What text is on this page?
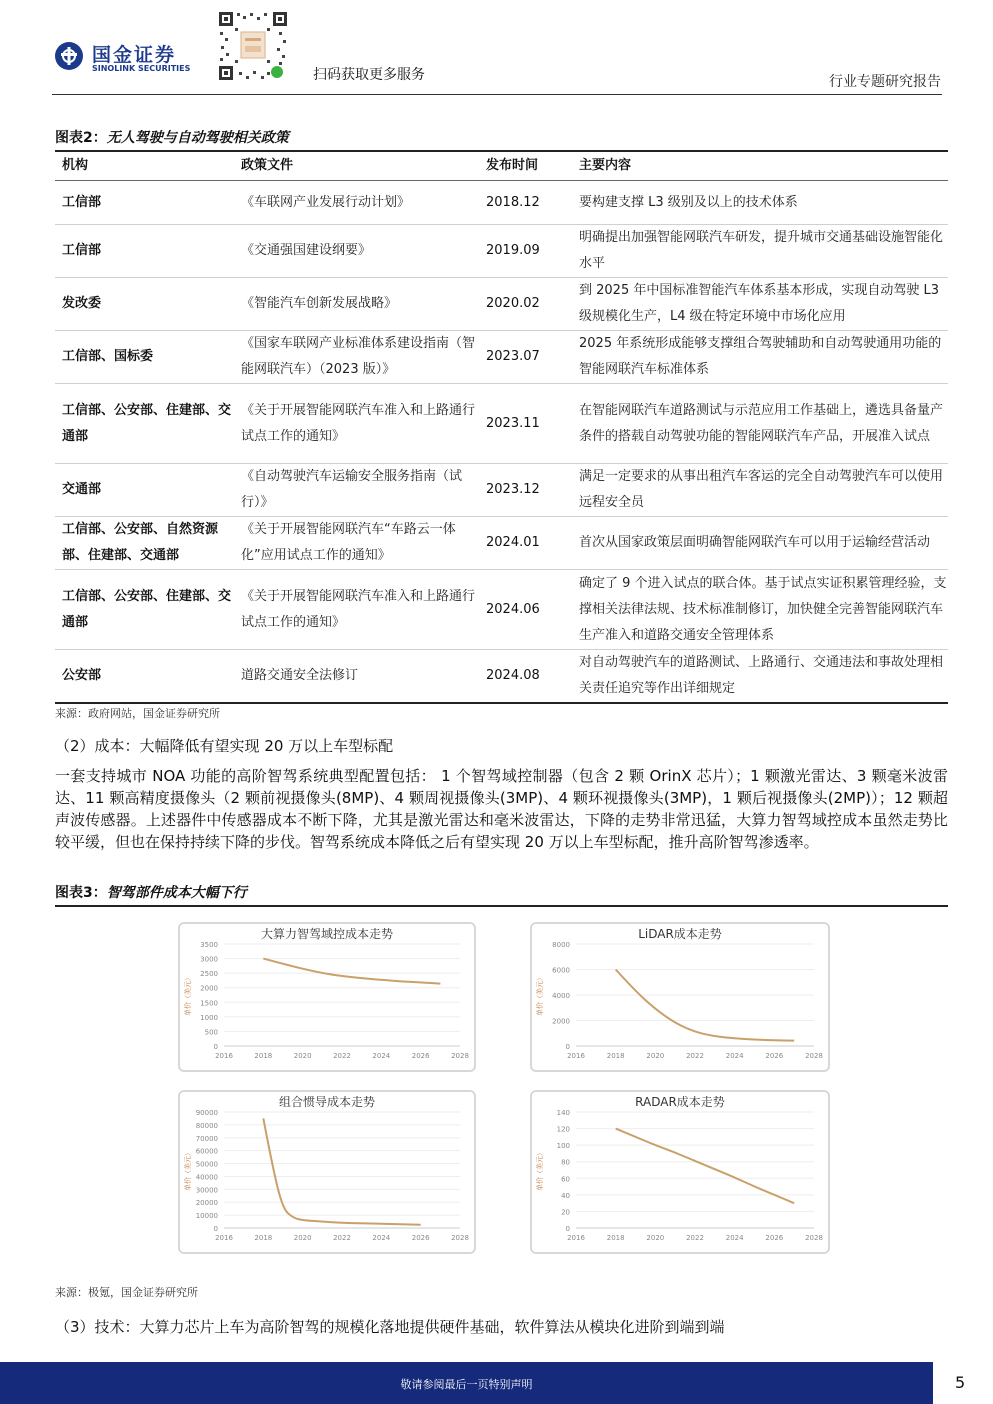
国金证券
SINOLINK SECURITIES	扫码获取更多服务	行业专题研究报告
图表2：无人驾驶与自动驾驶相关政策
机构	政策文件	发布时间	主要内容
工信部	《车联网产业发展行动计划》	2018.12	要构建支撑 L3 级别及以上的技术体系
工信部	《交通强国建设纲要》	2019.09	明确提出加强智能网联汽车研发，提升城市交通基础设施智能化水平
发改委	《智能汽车创新发展战略》	2020.02	到 2025 年中国标准智能汽车体系基本形成，实现自动驾驶 L3 级规模化生产，L4 级在特定环境中市场化应用
工信部、国标委	《国家车联网产业标准体系建设指南（智能网联汽车）（2023 版）》	2023.07	2025 年系统形成能够支撑组合驾驶辅助和自动驾驶通用功能的智能网联汽车标准体系
工信部、公安部、住建部、交通部	《关于开展智能网联汽车准入和上路通行试点工作的通知》	2023.11	在智能网联汽车道路测试与示范应用工作基础上，遴选具备量产条件的搭载自动驾驶功能的智能网联汽车产品，开展准入试点
交通部	《自动驾驶汽车运输安全服务指南（试行）》	2023.12	满足一定要求的从事出租汽车客运的完全自动驾驶汽车可以使用远程安全员
工信部、公安部、自然资源部、住建部、交通部	《关于开展智能网联汽车“车路云一体化”应用试点工作的通知》	2024.01	首次从国家政策层面明确智能网联汽车可以用于运输经营活动
工信部、公安部、住建部、交通部	《关于开展智能网联汽车准入和上路通行试点工作的通知》	2024.06	确定了 9 个进入试点的联合体。基于试点实证积累管理经验，支撑相关法律法规、技术标准制修订，加快健全完善智能网联汽车生产准入和道路交通安全管理体系
公安部	道路交通安全法修订	2024.08	对自动驾驶汽车的道路测试、上路通行、交通违法和事故处理相关责任追究等作出详细规定
来源：政府网站，国金证券研究所
（2）成本：大幅降低有望实现 20 万以上车型标配
一套支持城市 NOA 功能的高阶智驾系统典型配置包括： 1 个智驾域控制器（包含 2 颗 OrinX 芯片）；1 颗激光雷达、3 颗毫米波雷达、11 颗高精度摄像头（2 颗前视摄像头(8MP)、4 颗周视摄像头(3MP)、4 颗环视摄像头(3MP)，1 颗后视摄像头(2MP)）；12 颗超声波传感器。上述器件中传感器成本不断下降，尤其是激光雷达和毫米波雷达，下降的走势非常迅猛，大算力智驾域控成本虽然走势比较平缓，但也在保持持续下降的步伐。智驾系统成本降低之后有望实现 20 万以上车型标配，推升高阶智驾渗透率。
图表3：智驾部件成本大幅下行
大算力智驾域控成本走势
0
500
1000
1500
2000
2500
3000
3500
2016	2018	2020	2022	2024	2026	2028
单价（美元）
LiDAR成本走势
0
2000
4000
6000
8000
2016	2018	2020	2022	2024	2026	2028
单价（美元）
组合惯导成本走势
0
10000
20000
30000
40000
50000
60000
70000
80000
90000
2016	2018	2020	2022	2024	2026	2028
单价（美元）
RADAR成本走势
0
20
40
60
80
100
120
140
2016	2018	2020	2022	2024	2026	2028
单价（美元）
来源：极氪，国金证券研究所
（3）技术：大算力芯片上车为高阶智驾的规模化落地提供硬件基础，软件算法从模块化进阶到端到端
敬请参阅最后一页特别声明	5
